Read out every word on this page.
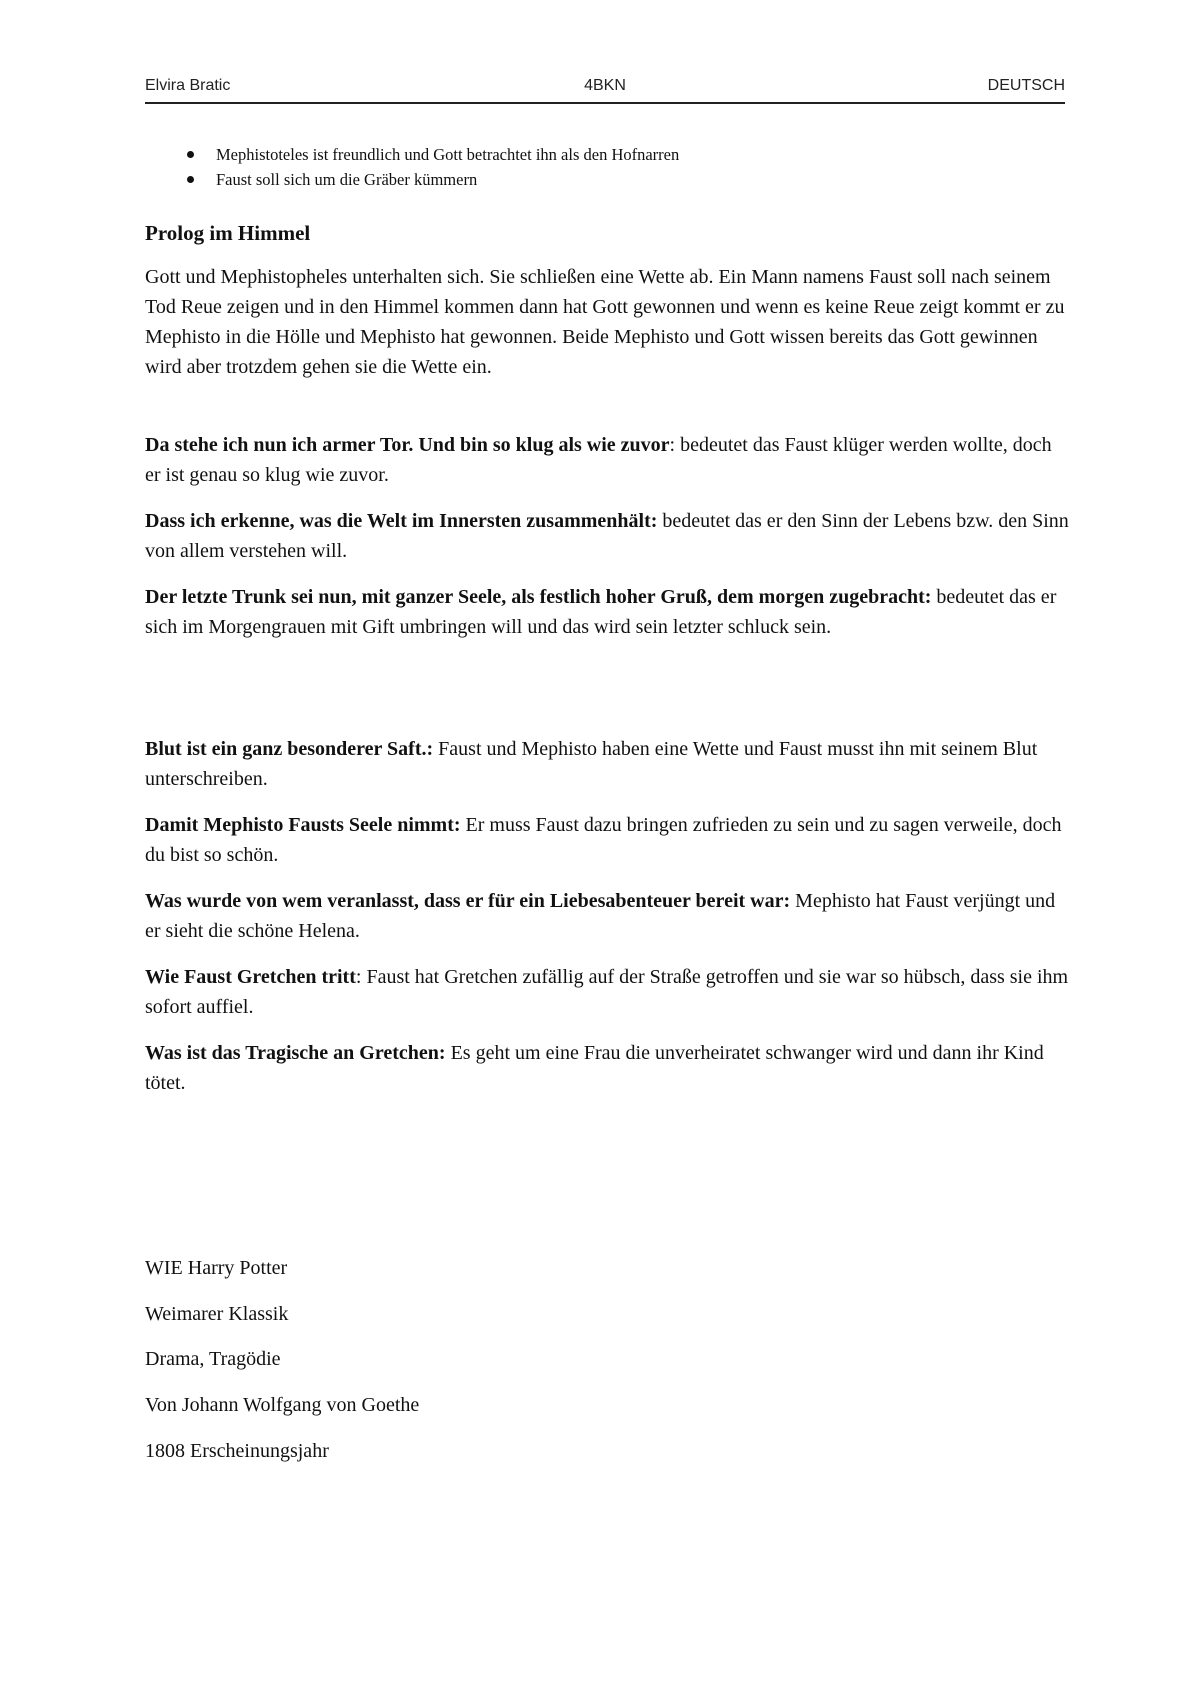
Elvira Bratic	4BKN	DEUTSCH
Mephistoteles ist freundlich und Gott betrachtet ihn als den Hofnarren
Faust soll sich um die Gräber kümmern
Prolog im Himmel

Gott und Mephistopheles unterhalten sich. Sie schließen eine Wette ab. Ein Mann namens Faust soll nach seinem Tod Reue zeigen und in den Himmel kommen dann hat Gott gewonnen und wenn es keine Reue zeigt kommt er zu Mephisto in die Hölle und Mephisto hat gewonnen. Beide Mephisto und Gott wissen bereits das Gott gewinnen wird aber trotzdem gehen sie die Wette ein.

Da stehe ich nun ich armer Tor. Und bin so klug als wie zuvor: bedeutet das Faust klüger werden wollte, doch er ist genau so klug wie zuvor.

Dass ich erkenne, was die Welt im Innersten zusammenhält: bedeutet das er den Sinn der Lebens bzw. den Sinn von allem verstehen will.

Der letzte Trunk sei nun, mit ganzer Seele, als festlich hoher Gruß, dem morgen zugebracht: bedeutet das er sich im Morgengrauen mit Gift umbringen will und das wird sein letzter schluck sein.

Blut ist ein ganz besonderer Saft.: Faust und Mephisto haben eine Wette und Faust musst ihn mit seinem Blut unterschreiben.

Damit Mephisto Fausts Seele nimmt: Er muss Faust dazu bringen zufrieden zu sein und zu sagen verweile, doch du bist so schön.

Was wurde von wem veranlasst, dass er für ein Liebesabenteuer bereit war: Mephisto hat Faust verjüngt und er sieht die schöne Helena.

Wie Faust Gretchen tritt: Faust hat Gretchen zufällig auf der Straße getroffen und sie war so hübsch, dass sie ihm sofort auffiel.

Was ist das Tragische an Gretchen: Es geht um eine Frau die unverheiratet schwanger wird und dann ihr Kind tötet.

WIE Harry Potter
Weimarer Klassik
Drama, Tragödie
Von Johann Wolfgang von Goethe
1808 Erscheinungsjahr
